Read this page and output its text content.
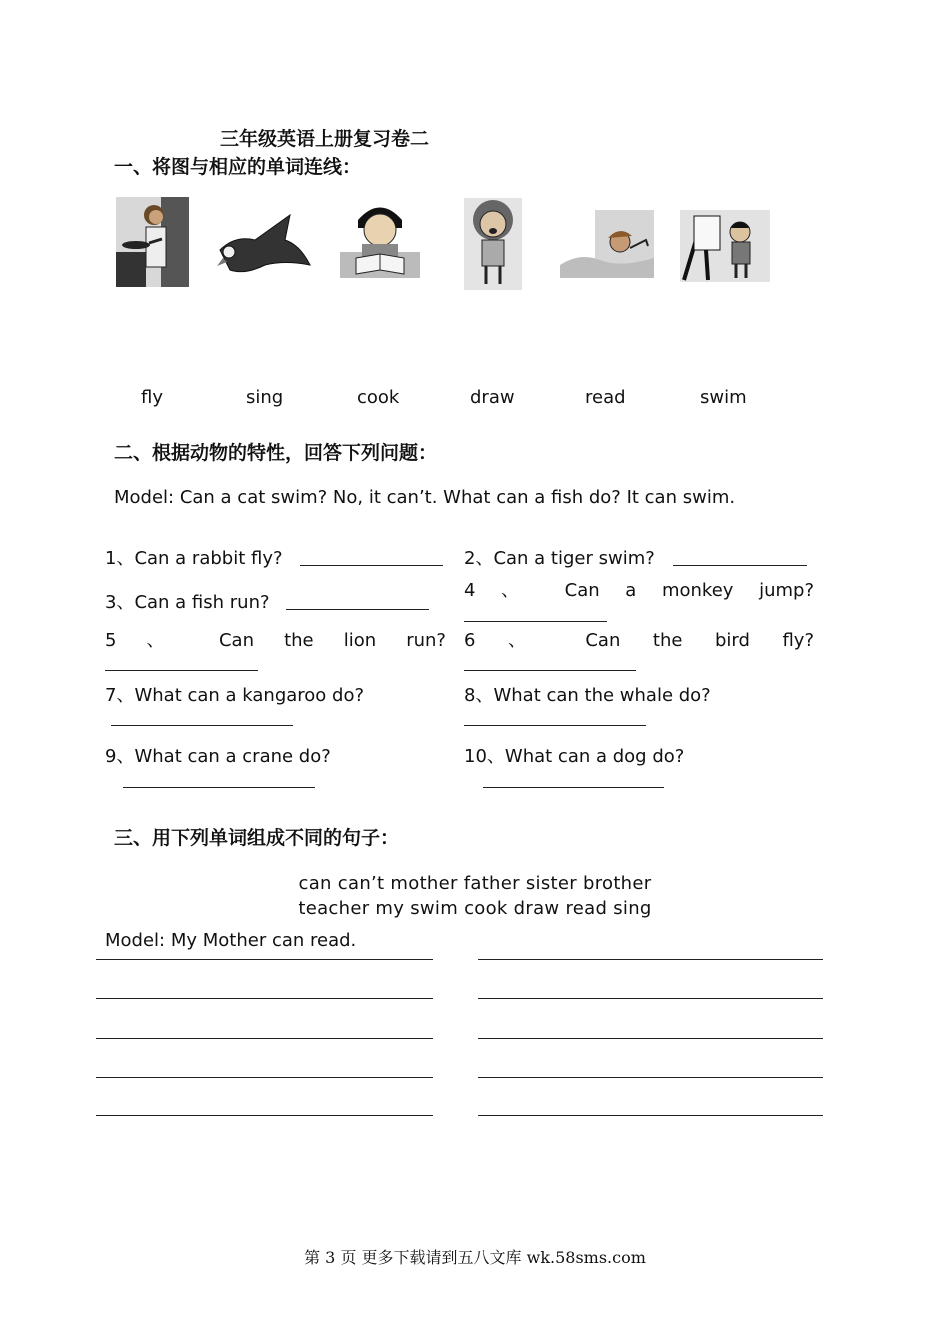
三年级英语上册复习卷二
一、将图与相应的单词连线：
fly	sing	cook	draw	read	swim
二、根据动物的特性，回答下列问题：
Model: Can a cat swim? No, it can’t. What can a fish do? It can swim.
1、Can a rabbit fly?	2、Can a tiger swim?
3、Can a fish run?
4 、 Can a monkey jump?
5 、 Can the lion run? 6 、 Can the bird fly?
7、What can a kangaroo do?	8、What can the whale do?
9、What can a crane do?	10、What can a dog do?
三、用下列单词组成不同的句子：
can can’t mother father sister brother
teacher my swim cook draw read sing
Model: My Mother can read.
第 3 页 更多下载请到五八文库 wk.58sms.com
